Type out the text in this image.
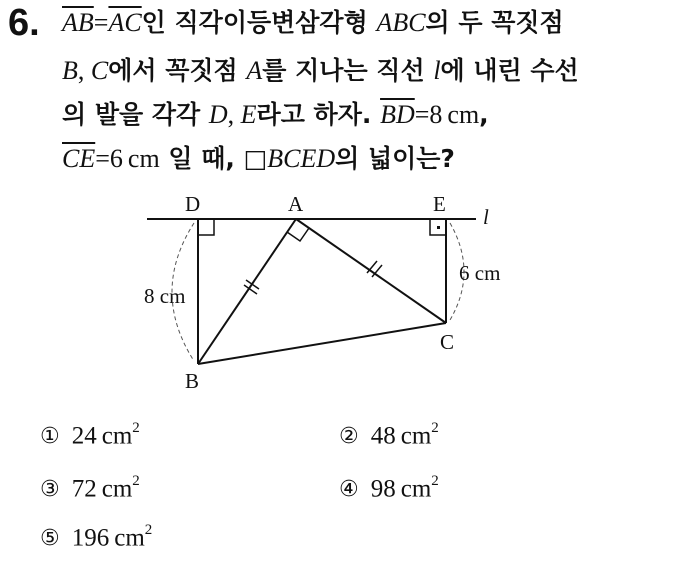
6. $\overline{AB}=\overline{AC}$인 직각이등변삼각형 ABC의 두 꼭짓점
B, C에서 꼭짓점 A를 지나는 직선 l에 내린 수선
의 발을 각각 D, E라고 하자. $\overline{BD}=8$  cm,
$\overline{CE}=6$  cm 일 때, □BCED의 넓이는?
D	A	E
B
C
8 cm
6 cm
l
① 24  $cm^2$	② 48  $cm^2$
③ 72  $cm^2$	④ 98  $cm^2$
⑤ 196  $cm^2$
